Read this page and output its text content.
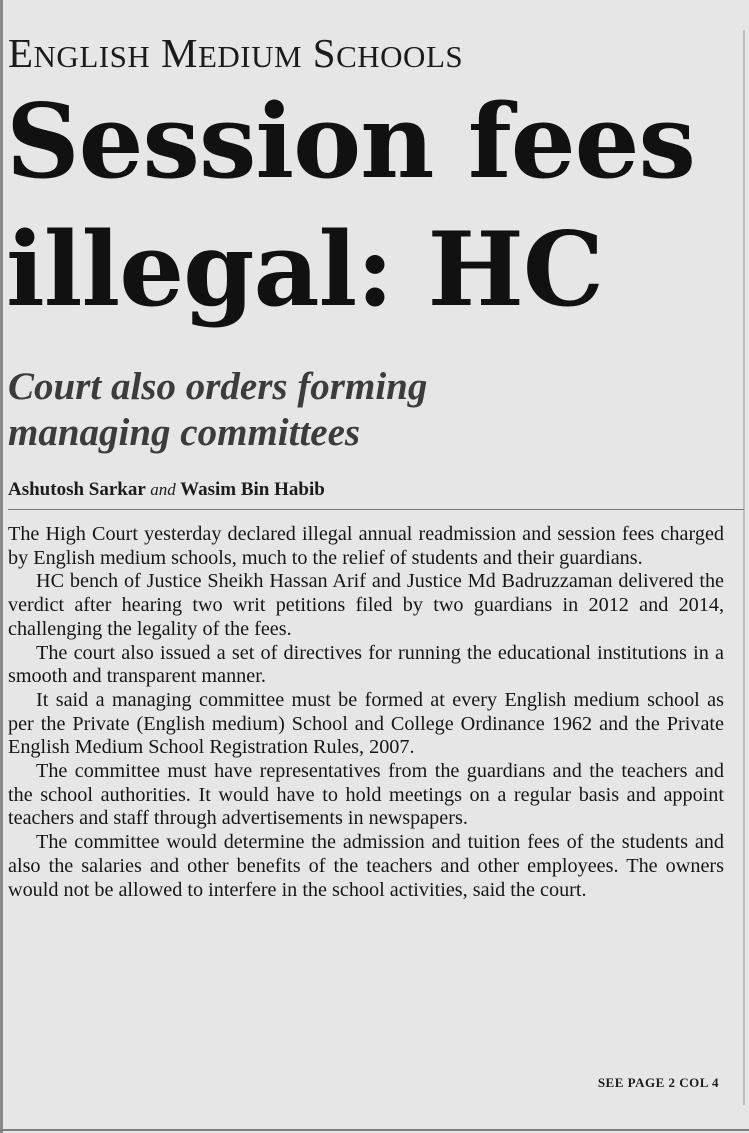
ENGLISH MEDIUM SCHOOLS
Session fees
illegal: HC
Court also orders forming
managing committees
Ashutosh Sarkar and Wasim Bin Habib

The High Court yesterday declared illegal annual readmission and session fees charged by English medium schools, much to the relief of students and their guardians.

HC bench of Justice Sheikh Hassan Arif and Justice Md Badruzzaman delivered the verdict after hearing two writ petitions filed by two guardians in 2012 and 2014, challenging the legality of the fees.

The court also issued a set of directives for running the educational institutions in a smooth and transparent manner.

It said a managing committee must be formed at every English medium school as per the Private (English medium) School and College Ordinance 1962 and the Private English Medium School Registration Rules, 2007.

The committee must have representatives from the guardians and the teachers and the school authorities. It would have to hold meetings on a regular basis and appoint teachers and staff through advertisements in newspapers.

The committee would determine the admission and tuition fees of the students and also the salaries and other benefits of the teachers and other employees. The owners would not be allowed to interfere in the school activities, said the court.

SEE PAGE 2 COL 4
